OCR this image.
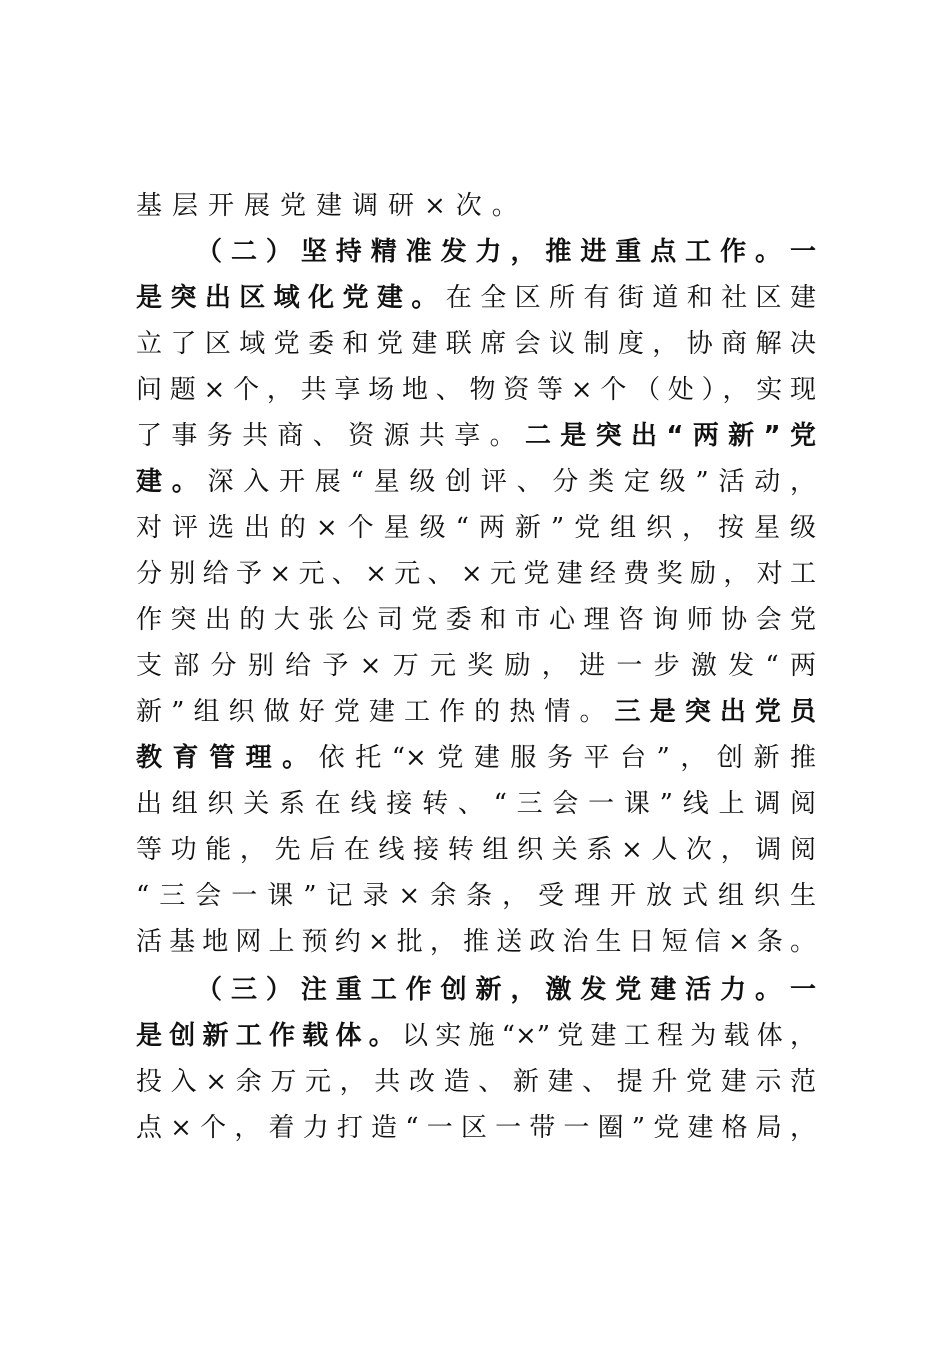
基层开展党建调研×次。
（二）坚持精准发力，推进重点工作。一
是突出区域化党建。在全区所有街道和社区建
立了区域党委和党建联席会议制度，协商解决
问题×个，共享场地、物资等×个（处），实现
了事务共商、资源共享。二是突出“两新”党
建。深入开展“星级创评、分类定级”活动，
对评选出的×个星级“两新”党组织，按星级
分别给予×元、×元、×元党建经费奖励，对工
作突出的大张公司党委和市心理咨询师协会党
支部分别给予×万元奖励，进一步激发“两
新”组织做好党建工作的热情。三是突出党员
教育管理。依托“×党建服务平台”，创新推
出组织关系在线接转、“三会一课”线上调阅
等功能，先后在线接转组织关系×人次，调阅
“三会一课”记录×余条，受理开放式组织生
活基地网上预约×批，推送政治生日短信×条。
（三）注重工作创新，激发党建活力。一
是创新工作载体。以实施“×”党建工程为载体，
投入×余万元，共改造、新建、提升党建示范
点×个，着力打造“一区一带一圈”党建格局，
